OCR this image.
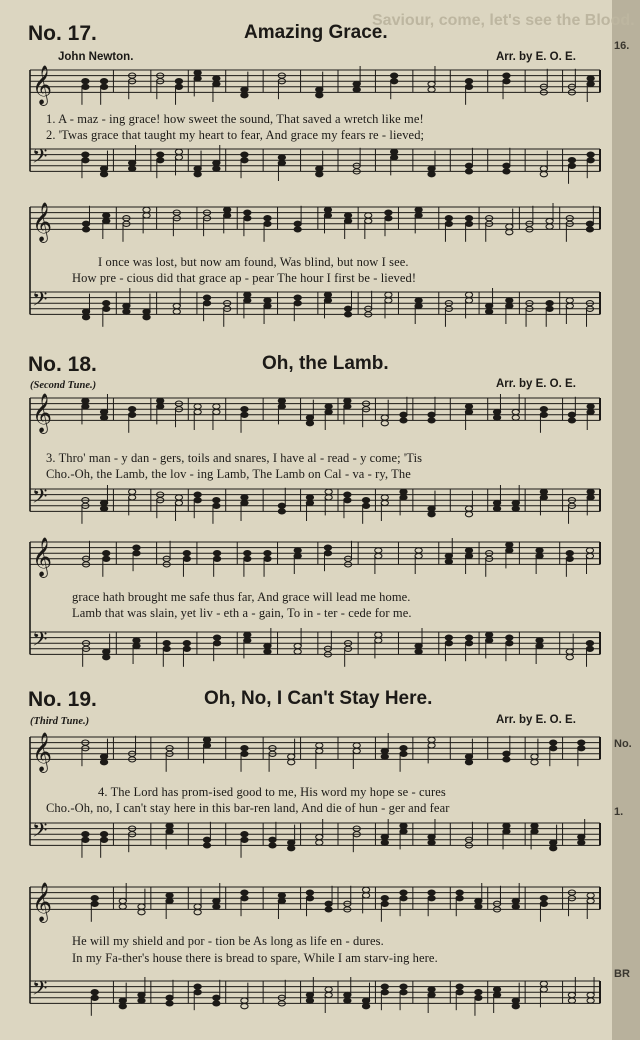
16.
No.
1.
BR
Saviour, come, let's see the Blood.
𝄞
𝄢
𝄞
𝄢
𝄞
𝄢
𝄞
𝄢
𝄞
𝄢
𝄞
𝄢
No. 17.	Amazing Grace.
John Newton.	Arr. by E. O. E.
1. A - maz - ing grace! how sweet the sound, That saved a wretch like me!
2. 'Twas grace that taught my heart to fear, And grace my fears re - lieved;
I once was lost, but now am found, Was blind, but now I see.
How pre - cious did that grace ap - pear The hour I first be - lieved!
No. 18.	Oh, the Lamb.
(Second Tune.)	Arr. by E. O. E.
3. Thro' man - y dan - gers, toils and snares, I have al - read - y come; 'Tis
Cho.-Oh, the Lamb, the lov - ing Lamb, The Lamb on Cal - va - ry, The
grace hath brought me safe thus far, And grace will lead me home.
Lamb that was slain, yet liv - eth a - gain, To in - ter - cede for me.
No. 19.	Oh, No, I Can't Stay Here.
(Third Tune.)	Arr. by E. O. E.
4. The Lord has prom-ised good to me, His word my hope se - cures
Cho.-Oh, no, I can't stay here in this bar-ren land, And die of hun - ger and fear
He will my shield and por - tion be As long as life en - dures.
In my Fa-ther's house there is bread to spare, While I am starv-ing here.
